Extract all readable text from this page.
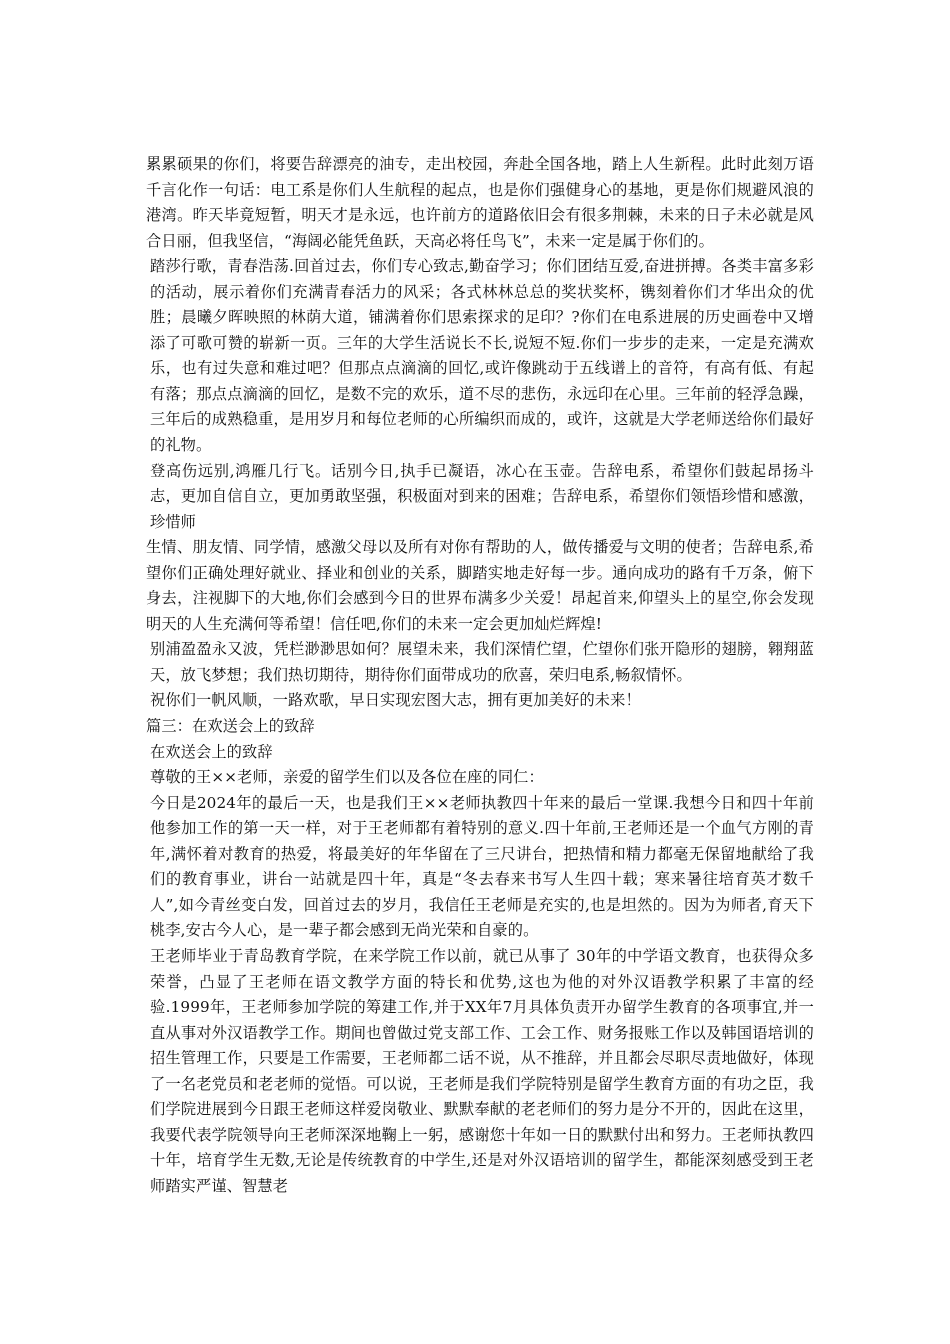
累累硕果的你们，将要告辞漂亮的油专，走出校园，奔赴全国各地，踏上人生新程。此时此刻万语千言化作一句话：电工系是你们人生航程的起点，也是你们强健身心的基地，更是你们规避风浪的港湾。昨天毕竟短暂，明天才是永远，也许前方的道路依旧会有很多荆棘，未来的日子未必就是风合日丽，但我坚信，“海阔必能凭鱼跃，天高必将任鸟飞”，未来一定是属于你们的。

踏莎行歌，青春浩荡.回首过去，你们专心致志,勤奋学习；你们团结互爱,奋进拼搏。各类丰富多彩的活动，展示着你们充满青春活力的风采；各式林林总总的奖状奖杯，镌刻着你们才华出众的优胜；晨曦夕晖映照的林荫大道，铺满着你们思索探求的足印？?你们在电系进展的历史画卷中又增添了可歌可赞的崭新一页。三年的大学生活说长不长,说短不短.你们一步步的走来，一定是充满欢乐，也有过失意和难过吧？但那点点滴滴的回忆,或许像跳动于五线谱上的音符，有高有低、有起有落；那点点滴滴的回忆，是数不完的欢乐，道不尽的悲伤，永远印在心里。三年前的轻浮急躁，三年后的成熟稳重，是用岁月和每位老师的心所编织而成的，或许，这就是大学老师送给你们最好的礼物。

登高伤远别,鸿雁几行飞。话别今日,执手已凝语，冰心在玉壶。告辞电系，希望你们鼓起昂扬斗志，更加自信自立，更加勇敢坚强，积极面对到来的困难；告辞电系，希望你们领悟珍惜和感激，珍惜师

生情、朋友情、同学情，感激父母以及所有对你有帮助的人，做传播爱与文明的使者；告辞电系,希望你们正确处理好就业、择业和创业的关系，脚踏实地走好每一步。通向成功的路有千万条，俯下身去，注视脚下的大地,你们会感到今日的世界布满多少关爱！昂起首来,仰望头上的星空,你会发现明天的人生充满何等希望！信任吧,你们的未来一定会更加灿烂辉煌!

别浦盈盈永又波，凭栏渺渺思如何？展望未来，我们深情伫望，伫望你们张开隐形的翅膀，翱翔蓝天，放飞梦想；我们热切期待，期待你们面带成功的欣喜，荣归电系,畅叙情怀。

祝你们一帆风顺，一路欢歌，早日实现宏图大志，拥有更加美好的未来！

篇三：在欢送会上的致辞

在欢送会上的致辞

尊敬的王××老师，亲爱的留学生们以及各位在座的同仁：

今日是2024年的最后一天，也是我们王××老师执教四十年来的最后一堂课.我想今日和四十年前他参加工作的第一天一样，对于王老师都有着特别的意义.四十年前,王老师还是一个血气方刚的青年,满怀着对教育的热爱，将最美好的年华留在了三尺讲台，把热情和精力都毫无保留地献给了我们的教育事业，讲台一站就是四十年，真是“冬去春来书写人生四十载；寒来暑往培育英才数千人”,如今青丝变白发，回首过去的岁月，我信任王老师是充实的,也是坦然的。因为为师者,育天下桃李,安古今人心，是一辈子都会感到无尚光荣和自豪的。

王老师毕业于青岛教育学院，在来学院工作以前，就已从事了 30年的中学语文教育，也获得众多荣誉，凸显了王老师在语文教学方面的特长和优势,这也为他的对外汉语教学积累了丰富的经验.1999年，王老师参加学院的筹建工作,并于XX年7月具体负责开办留学生教育的各项事宜,并一直从事对外汉语教学工作。期间也曾做过党支部工作、工会工作、财务报账工作以及韩国语培训的招生管理工作，只要是工作需要，王老师都二话不说，从不推辞，并且都会尽职尽责地做好，体现了一名老党员和老老师的觉悟。可以说，王老师是我们学院特别是留学生教育方面的有功之臣，我们学院进展到今日跟王老师这样爱岗敬业、默默奉献的老老师们的努力是分不开的，因此在这里，我要代表学院领导向王老师深深地鞠上一躬，感谢您十年如一日的默默付出和努力。王老师执教四十年，培育学生无数,无论是传统教育的中学生,还是对外汉语培训的留学生，都能深刻感受到王老师踏实严谨、智慧老
